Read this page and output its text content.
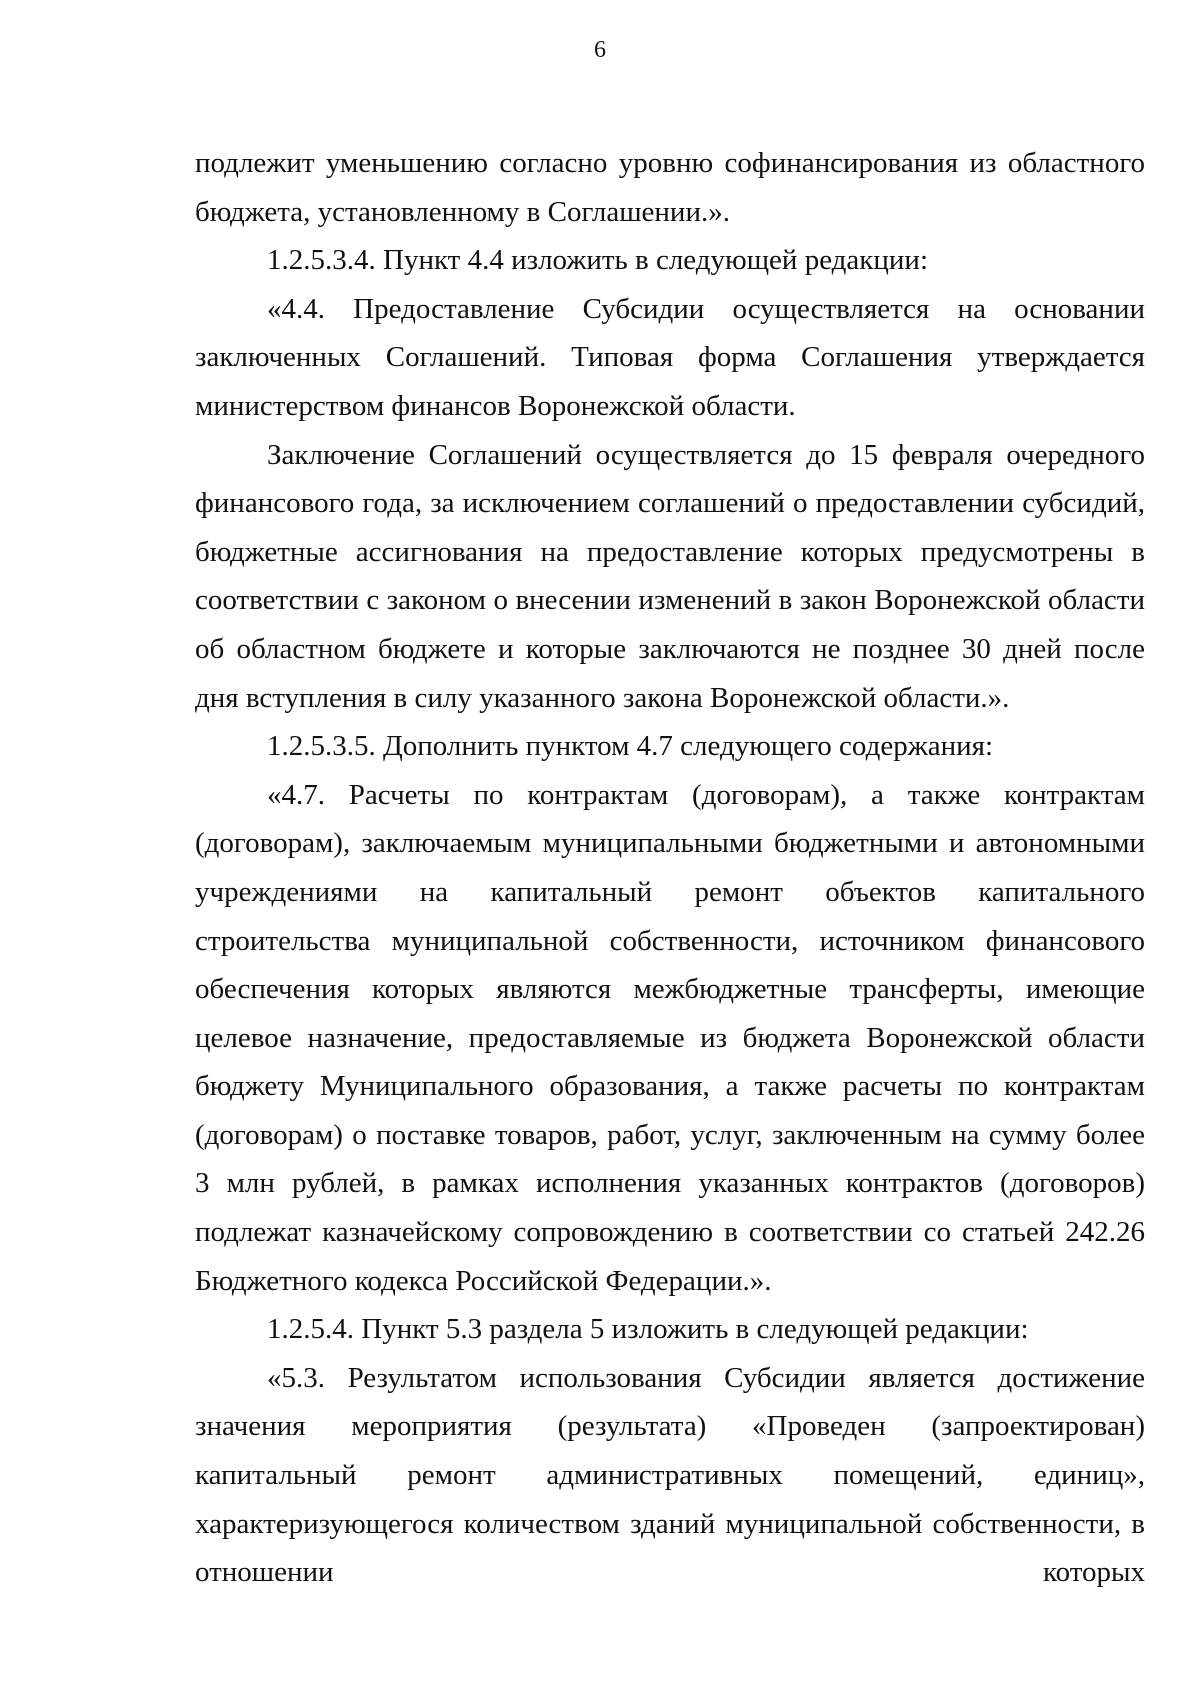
6

подлежит уменьшению согласно уровню софинансирования из областного бюджета, установленному в Соглашении.».

1.2.5.3.4. Пункт 4.4 изложить в следующей редакции:

«4.4. Предоставление Субсидии осуществляется на основании заключенных Соглашений. Типовая форма Соглашения утверждается министерством финансов Воронежской области.

Заключение Соглашений осуществляется до 15 февраля очередного финансового года, за исключением соглашений о предоставлении субсидий, бюджетные ассигнования на предоставление которых предусмотрены в соответствии с законом о внесении изменений в закон Воронежской области об областном бюджете и которые заключаются не позднее 30 дней после дня вступления в силу указанного закона Воронежской области.».

1.2.5.3.5. Дополнить пунктом 4.7 следующего содержания:

«4.7. Расчеты по контрактам (договорам), а также контрактам (договорам), заключаемым муниципальными бюджетными и автономными учреждениями на капитальный ремонт объектов капитального строительства муниципальной собственности, источником финансового обеспечения которых являются межбюджетные трансферты, имеющие целевое назначение, предоставляемые из бюджета Воронежской области бюджету Муниципального образования, а также расчеты по контрактам (договорам) о поставке товаров, работ, услуг, заключенным на сумму более 3 млн рублей, в рамках исполнения указанных контрактов (договоров) подлежат казначейскому сопровождению в соответствии со статьей 242.26 Бюджетного кодекса Российской Федерации.».

1.2.5.4. Пункт 5.3 раздела 5 изложить в следующей редакции:

«5.3. Результатом использования Субсидии является достижение значения мероприятия (результата) «Проведен (запроектирован) капитальный ремонт административных помещений, единиц», характеризующегося количеством зданий муниципальной собственности, в отношении которых
